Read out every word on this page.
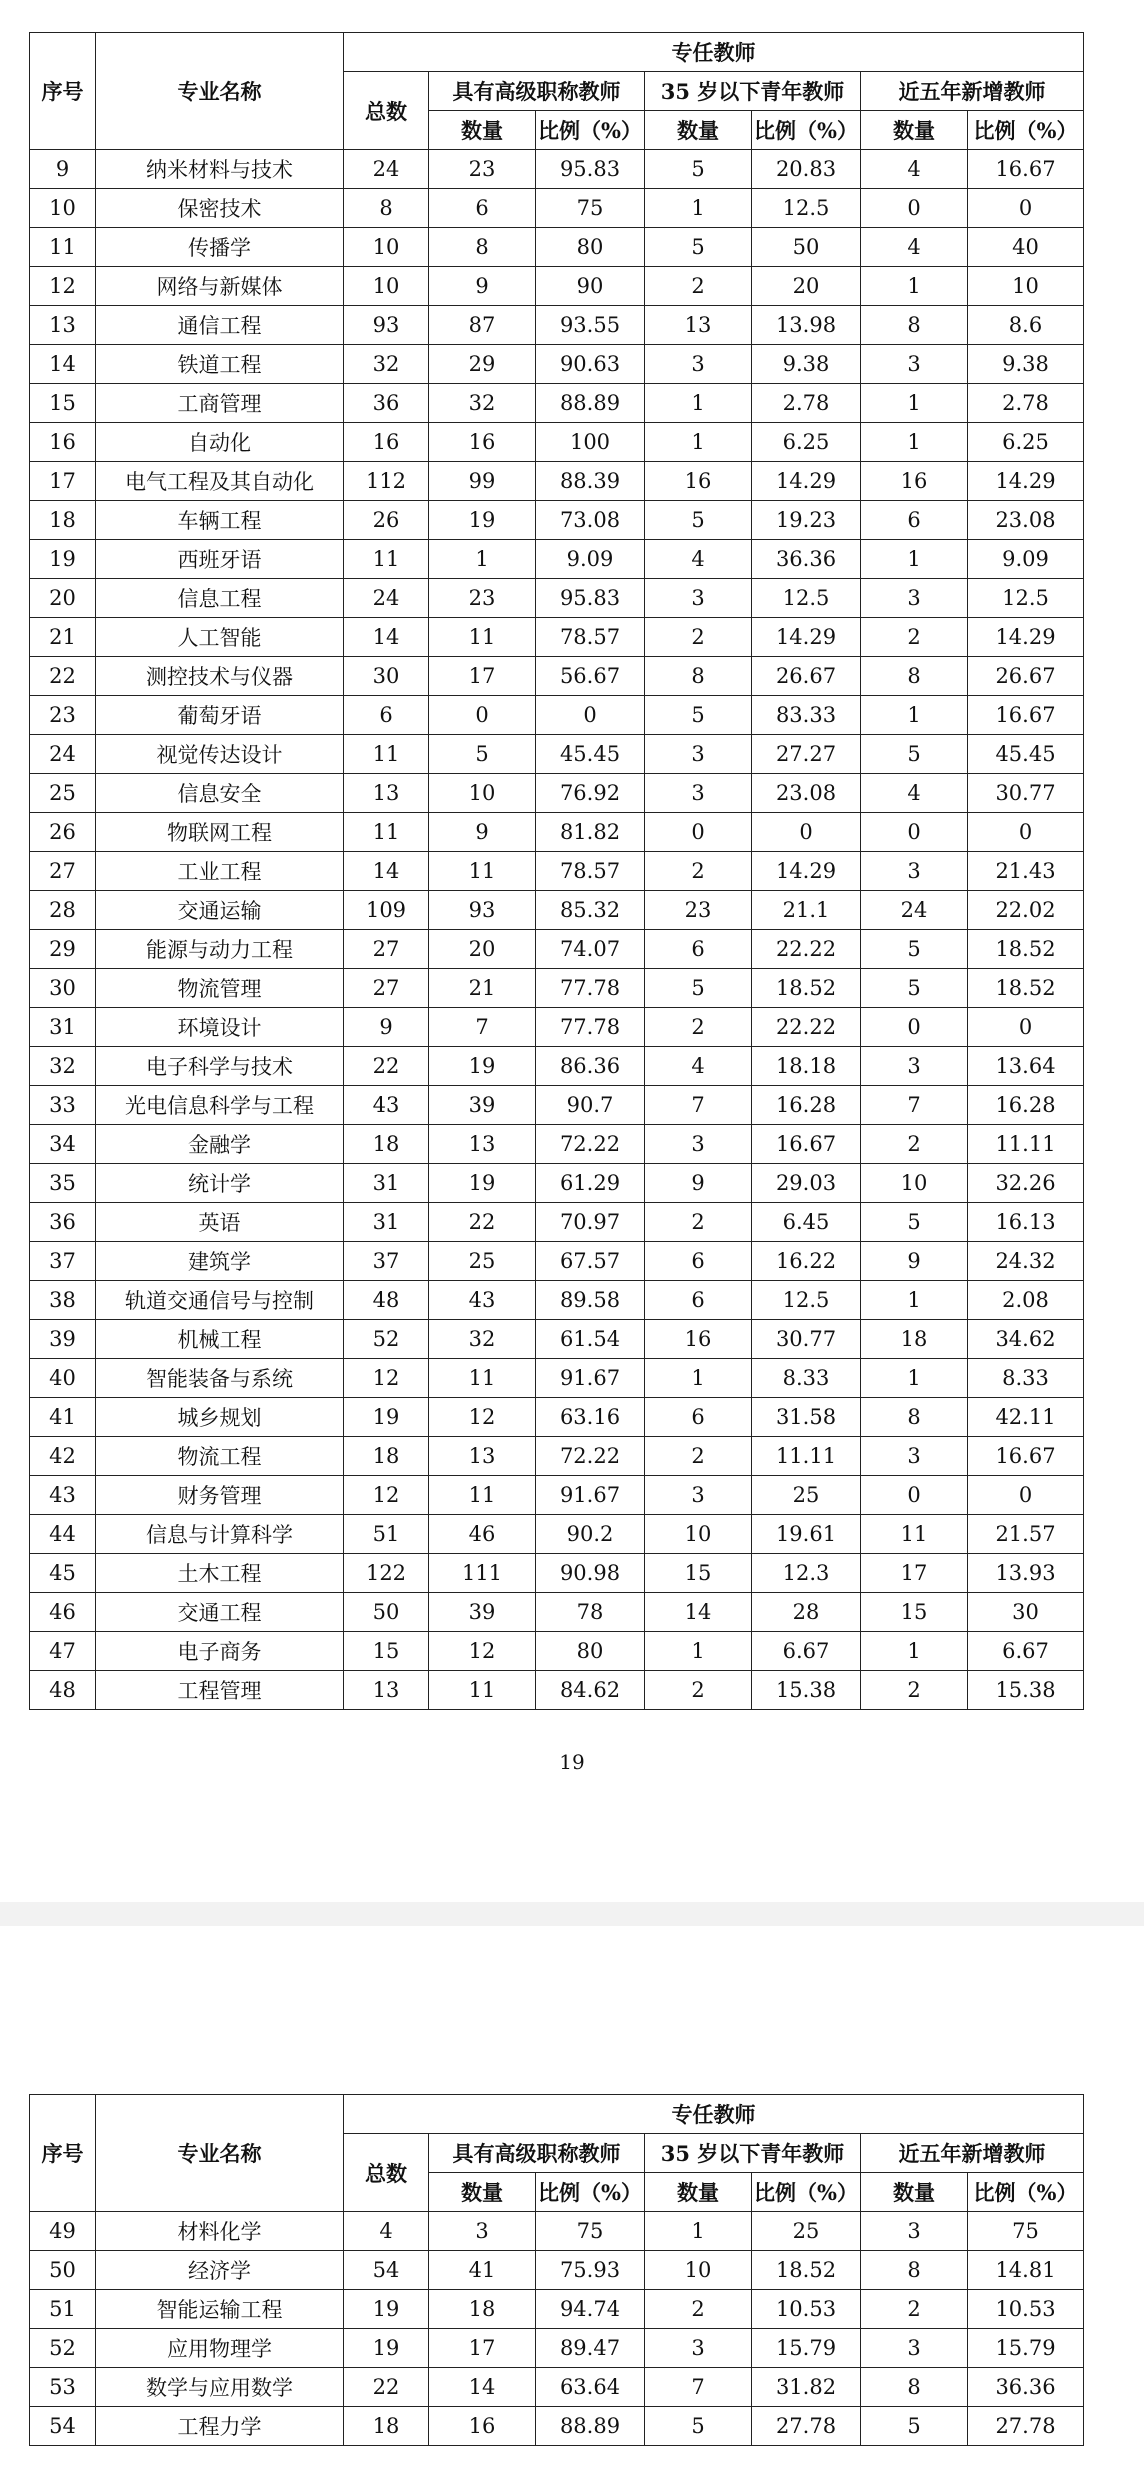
序号	专业名称	专任教师						
		总数	具有高级职称教师		35 岁以下青年教师		近五年新增教师	
			数量	比例（%）	数量	比例（%）	数量	比例（%）
9	纳米材料与技术	24	23	95.83	5	20.83	4	16.67
10	保密技术	8	6	75	1	12.5	0	0
11	传播学	10	8	80	5	50	4	40
12	网络与新媒体	10	9	90	2	20	1	10
13	通信工程	93	87	93.55	13	13.98	8	8.6
14	铁道工程	32	29	90.63	3	9.38	3	9.38
15	工商管理	36	32	88.89	1	2.78	1	2.78
16	自动化	16	16	100	1	6.25	1	6.25
17	电气工程及其自动化	112	99	88.39	16	14.29	16	14.29
18	车辆工程	26	19	73.08	5	19.23	6	23.08
19	西班牙语	11	1	9.09	4	36.36	1	9.09
20	信息工程	24	23	95.83	3	12.5	3	12.5
21	人工智能	14	11	78.57	2	14.29	2	14.29
22	测控技术与仪器	30	17	56.67	8	26.67	8	26.67
23	葡萄牙语	6	0	0	5	83.33	1	16.67
24	视觉传达设计	11	5	45.45	3	27.27	5	45.45
25	信息安全	13	10	76.92	3	23.08	4	30.77
26	物联网工程	11	9	81.82	0	0	0	0
27	工业工程	14	11	78.57	2	14.29	3	21.43
28	交通运输	109	93	85.32	23	21.1	24	22.02
29	能源与动力工程	27	20	74.07	6	22.22	5	18.52
30	物流管理	27	21	77.78	5	18.52	5	18.52
31	环境设计	9	7	77.78	2	22.22	0	0
32	电子科学与技术	22	19	86.36	4	18.18	3	13.64
33	光电信息科学与工程	43	39	90.7	7	16.28	7	16.28
34	金融学	18	13	72.22	3	16.67	2	11.11
35	统计学	31	19	61.29	9	29.03	10	32.26
36	英语	31	22	70.97	2	6.45	5	16.13
37	建筑学	37	25	67.57	6	16.22	9	24.32
38	轨道交通信号与控制	48	43	89.58	6	12.5	1	2.08
39	机械工程	52	32	61.54	16	30.77	18	34.62
40	智能装备与系统	12	11	91.67	1	8.33	1	8.33
41	城乡规划	19	12	63.16	6	31.58	8	42.11
42	物流工程	18	13	72.22	2	11.11	3	16.67
43	财务管理	12	11	91.67	3	25	0	0
44	信息与计算科学	51	46	90.2	10	19.61	11	21.57
45	土木工程	122	111	90.98	15	12.3	17	13.93
46	交通工程	50	39	78	14	28	15	30
47	电子商务	15	12	80	1	6.67	1	6.67
48	工程管理	13	11	84.62	2	15.38	2	15.38
19
序号	专业名称	专任教师						
		总数	具有高级职称教师		35 岁以下青年教师		近五年新增教师	
			数量	比例（%）	数量	比例（%）	数量	比例（%）
49	材料化学	4	3	75	1	25	3	75
50	经济学	54	41	75.93	10	18.52	8	14.81
51	智能运输工程	19	18	94.74	2	10.53	2	10.53
52	应用物理学	19	17	89.47	3	15.79	3	15.79
53	数学与应用数学	22	14	63.64	7	31.82	8	36.36
54	工程力学	18	16	88.89	5	27.78	5	27.78
